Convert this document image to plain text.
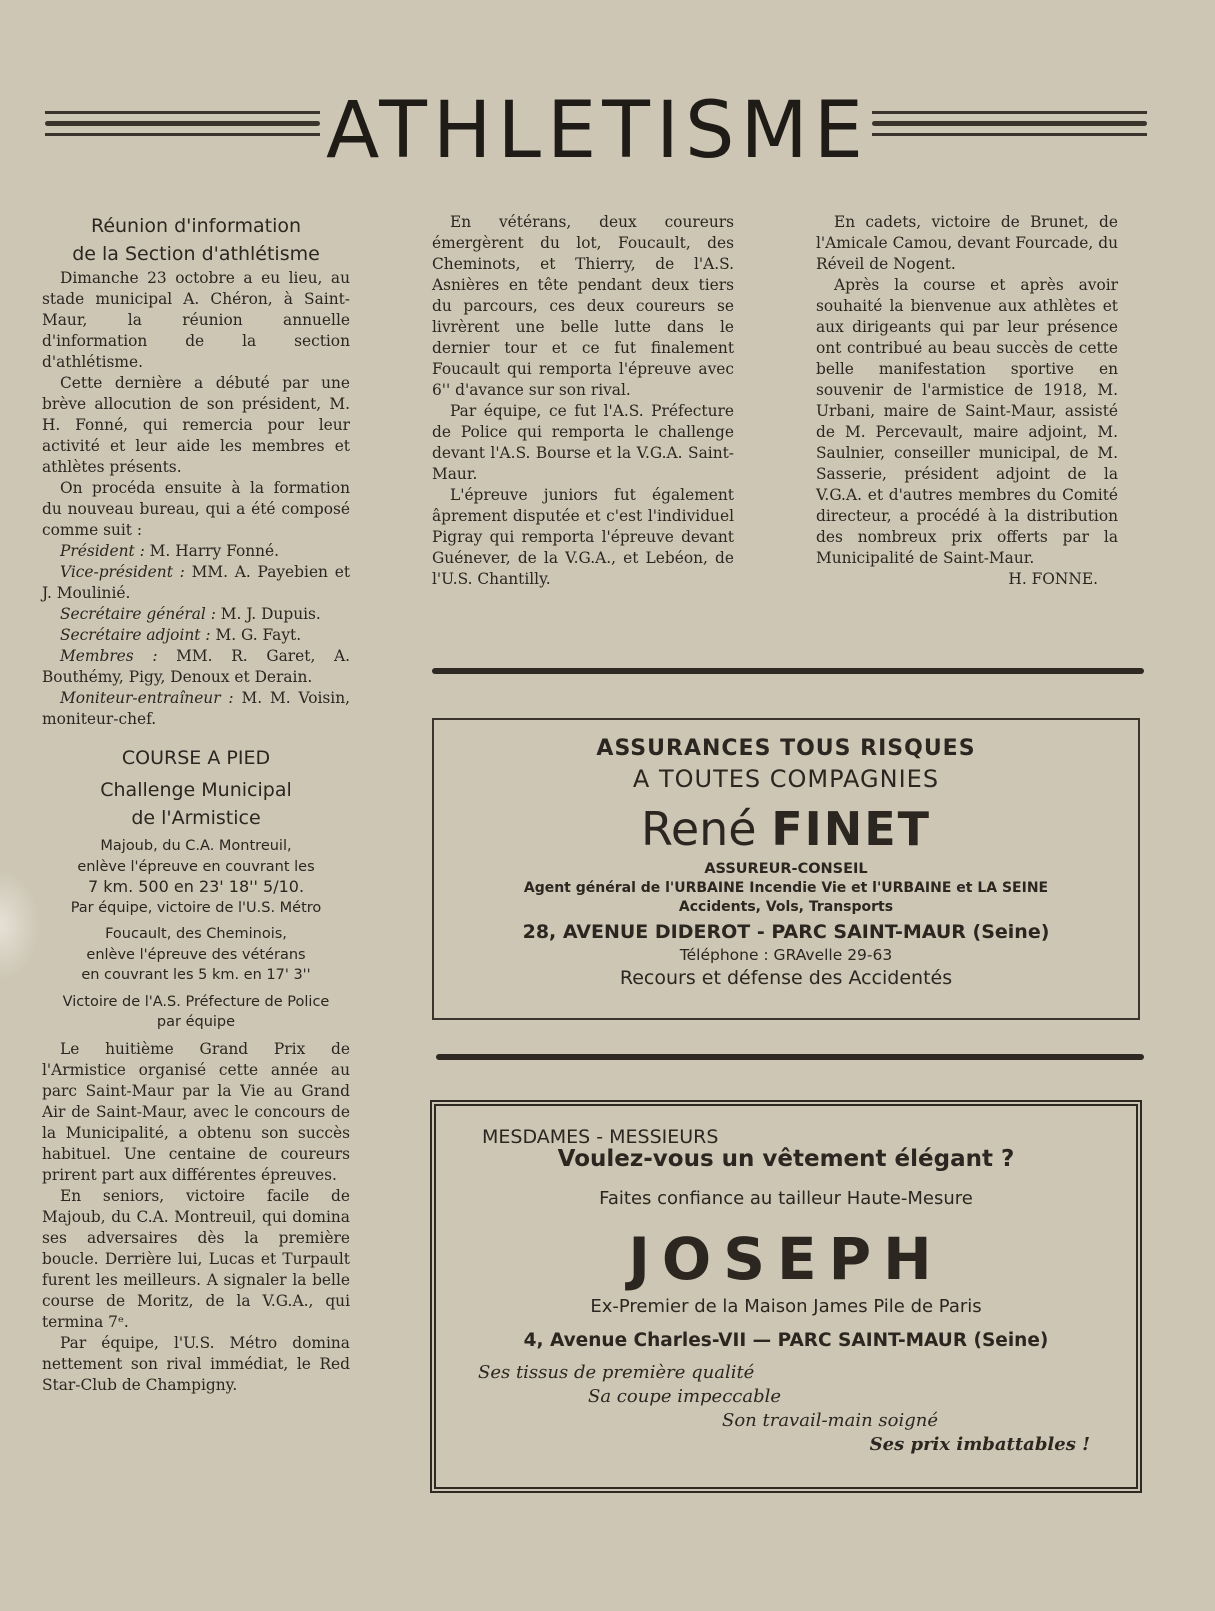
ATHLETISME
Réunion d'information
de la Section d'athlétisme

Dimanche 23 octobre a eu lieu, au stade municipal A. Chéron, à Saint-Maur, la réunion annuelle d'information de la section d'athlétisme.

Cette dernière a débuté par une brève allocution de son président, M. H. Fonné, qui remercia pour leur activité et leur aide les membres et athlètes présents.

On procéda ensuite à la formation du nouveau bureau, qui a été composé comme suit :

Président : M. Harry Fonné.

Vice-président : MM. A. Payebien et J. Moulinié.

Secrétaire général : M. J. Dupuis.

Secrétaire adjoint : M. G. Fayt.

Membres : MM. R. Garet, A. Bouthémy, Pigy, Denoux et Derain.

Moniteur-entraîneur : M. M. Voisin, moniteur-chef.

COURSE A PIED
Challenge Municipal
de l'Armistice
Majoub, du C.A. Montreuil,
enlève l'épreuve en couvrant les
7 km. 500 en 23' 18'' 5/10.
Par équipe, victoire de l'U.S. Métro
Foucault, des Cheminois,
enlève l'épreuve des vétérans
en couvrant les 5 km. en 17' 3''
Victoire de l'A.S. Préfecture de Police
par équipe

Le huitième Grand Prix de l'Armistice organisé cette année au parc Saint-Maur par la Vie au Grand Air de Saint-Maur, avec le concours de la Municipalité, a obtenu son succès habituel. Une centaine de coureurs prirent part aux différentes épreuves.

En seniors, victoire facile de Majoub, du C.A. Montreuil, qui domina ses adversaires dès la première boucle. Derrière lui, Lucas et Turpault furent les meilleurs. A signaler la belle course de Moritz, de la V.G.A., qui termina 7ᵉ.

Par équipe, l'U.S. Métro domina nettement son rival immédiat, le Red Star-Club de Champigny.

En vétérans, deux coureurs émergèrent du lot, Foucault, des Cheminots, et Thierry, de l'A.S. Asnières en tête pendant deux tiers du parcours, ces deux coureurs se livrèrent une belle lutte dans le dernier tour et ce fut finalement Foucault qui remporta l'épreuve avec 6'' d'avance sur son rival.

Par équipe, ce fut l'A.S. Préfecture de Police qui remporta le challenge devant l'A.S. Bourse et la V.G.A. Saint-Maur.

L'épreuve juniors fut également âprement disputée et c'est l'individuel Pigray qui remporta l'épreuve devant Guénever, de la V.G.A., et Lebéon, de l'U.S. Chantilly.

En cadets, victoire de Brunet, de l'Amicale Camou, devant Fourcade, du Réveil de Nogent.

Après la course et après avoir souhaité la bienvenue aux athlètes et aux dirigeants qui par leur présence ont contribué au beau succès de cette belle manifestation sportive en souvenir de l'armistice de 1918, M. Urbani, maire de Saint-Maur, assisté de M. Percevault, maire adjoint, M. Saulnier, conseiller municipal, de M. Sasserie, président adjoint de la V.G.A. et d'autres membres du Comité directeur, a procédé à la distribution des nombreux prix offerts par la Municipalité de Saint-Maur.

H. FONNE.
ASSURANCES TOUS RISQUES
A TOUTES COMPAGNIES
René FINET
ASSUREUR-CONSEIL
Agent général de l'URBAINE Incendie Vie et l'URBAINE et LA SEINE
Accidents, Vols, Transports
28, AVENUE DIDEROT - PARC SAINT-MAUR (Seine)
Téléphone : GRAvelle 29-63
Recours et défense des Accidentés
MESDAMES - MESSIEURS
Voulez-vous un vêtement élégant ?
Faites confiance au tailleur Haute-Mesure
JOSEPH
Ex-Premier de la Maison James Pile de Paris
4, Avenue Charles-VII — PARC SAINT-MAUR (Seine)
Ses tissus de première qualité
Sa coupe impeccable
Son travail-main soigné
Ses prix imbattables !
